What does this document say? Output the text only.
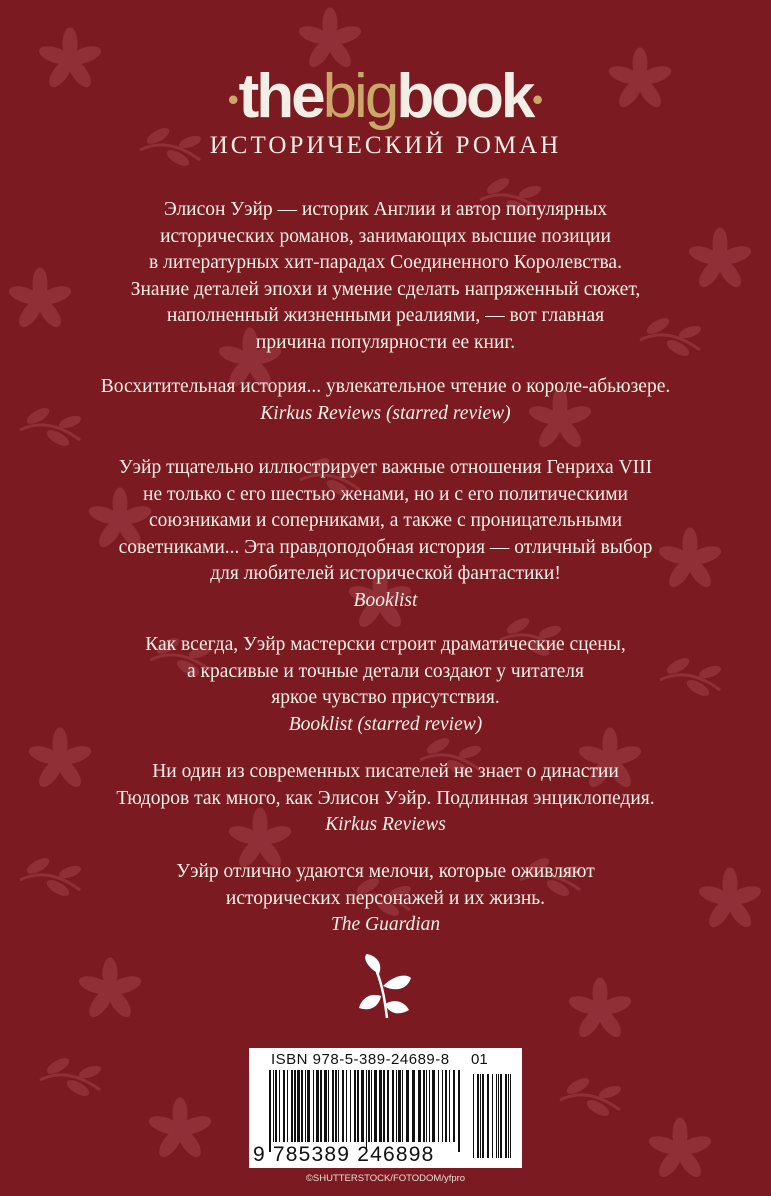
•thebigbook•
ИСТОРИЧЕСКИЙ РОМАН
Элисон Уэйр — историк Англии и автор популярных
исторических романов, занимающих высшие позиции
в литературных хит-парадах Соединенного Королевства.
Знание деталей эпохи и умение сделать напряженный сюжет,
наполненный жизненными реалиями, — вот главная
причина популярности ее книг.
Восхитительная история... увлекательное чтение о короле-абьюзере.
Kirkus Reviews (starred review)
Уэйр тщательно иллюстрирует важные отношения Генриха VIII
не только с его шестью женами, но и с его политическими
союзниками и соперниками, а также с проницательными
советниками... Эта правдоподобная история — отличный выбор
для любителей исторической фантастики!
Booklist
Как всегда, Уэйр мастерски строит драматические сцены,
а красивые и точные детали создают у читателя
яркое чувство присутствия.
Booklist (starred review)
Ни один из современных писателей не знает о династии
Тюдоров так много, как Элисон Уэйр. Подлинная энциклопедия.
Kirkus Reviews
Уэйр отлично удаются мелочи, которые оживляют
исторических персонажей и их жизнь.
The Guardian
ISBN 978-5-389-24689-8	01
9 785389 246898
©SHUTTERSTOCK/FOTODOM/yfpro
